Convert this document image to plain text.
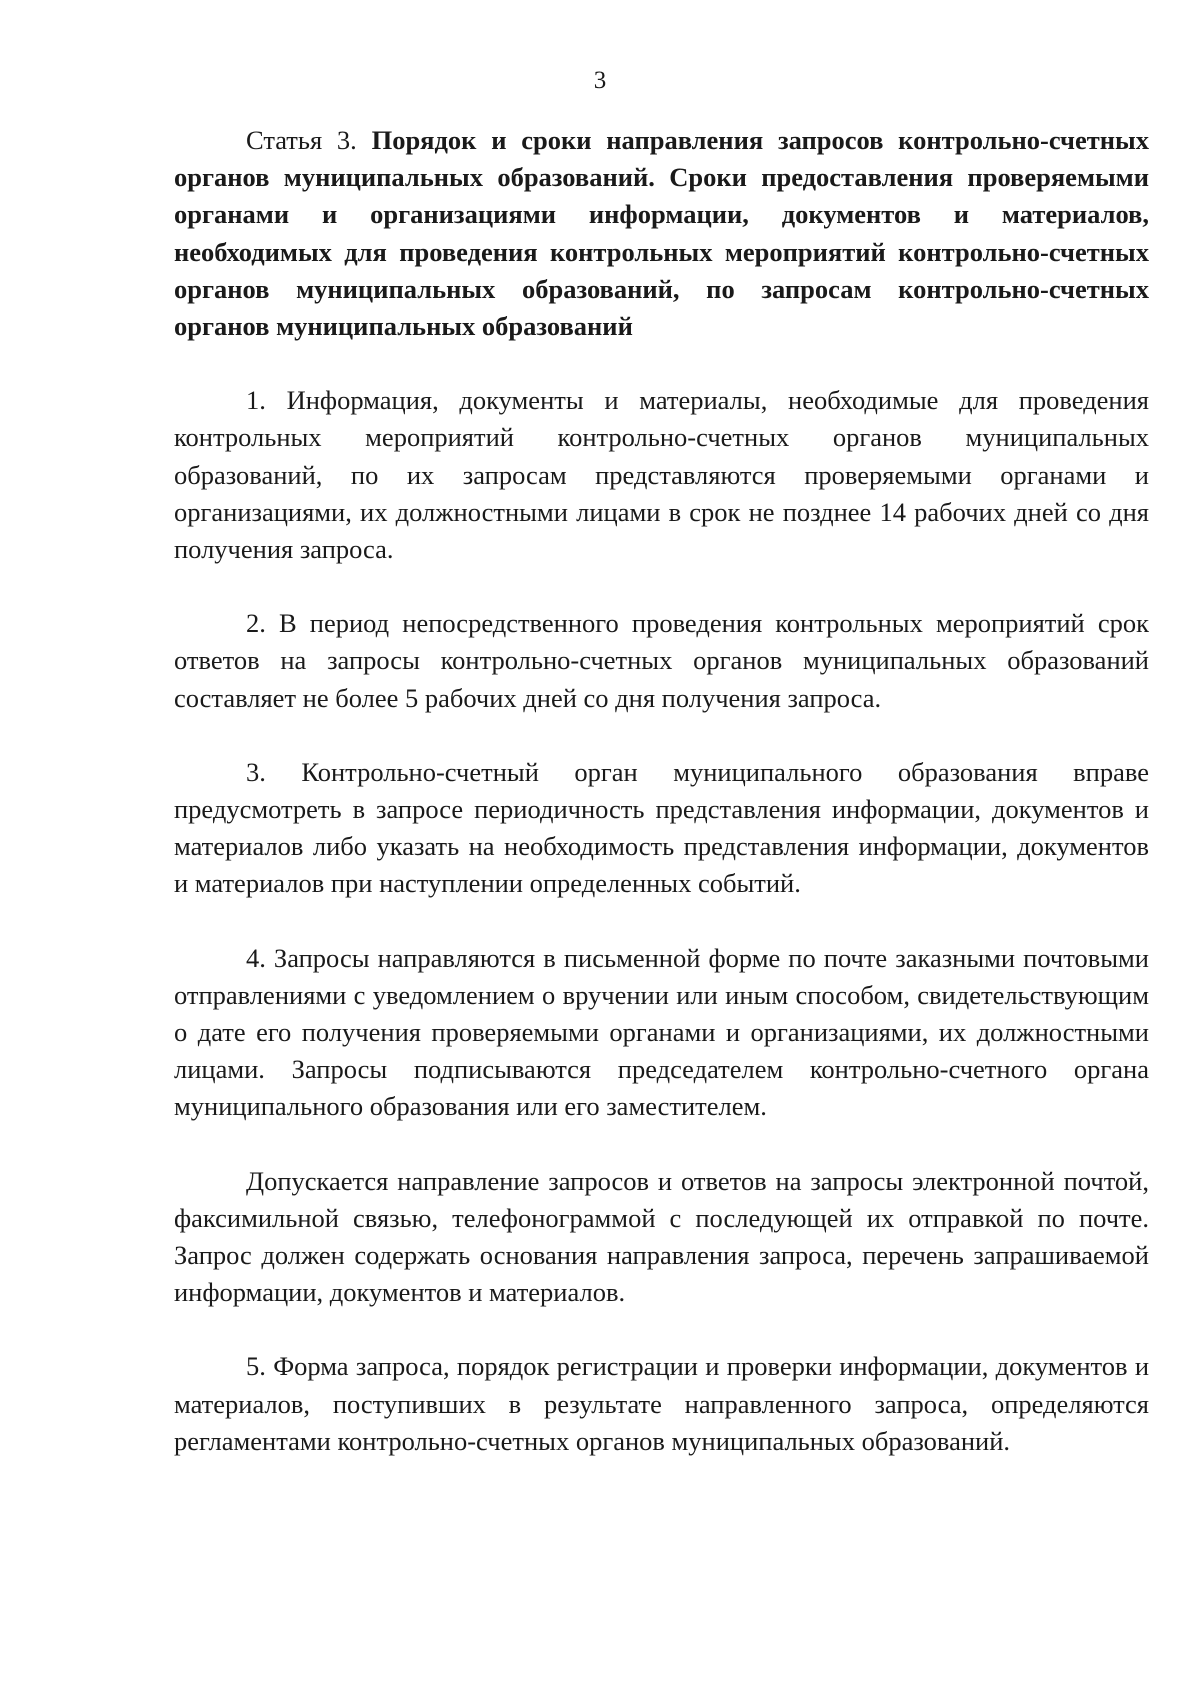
3

Статья 3. Порядок и сроки направления запросов контрольно-счетных органов муниципальных образований. Сроки предоставления проверяемыми органами и организациями информации, документов и материалов, необходимых для проведения контрольных мероприятий контрольно-счетных органов муниципальных образований, по запросам контрольно-счетных органов муниципальных образований

1. Информация, документы и материалы, необходимые для проведения контрольных мероприятий контрольно-счетных органов муниципальных образований, по их запросам представляются проверяемыми органами и организациями, их должностными лицами в срок не позднее 14 рабочих дней со дня получения запроса.

2. В период непосредственного проведения контрольных мероприятий срок ответов на запросы контрольно-счетных органов муниципальных образований составляет не более 5 рабочих дней со дня получения запроса.

3. Контрольно-счетный орган муниципального образования вправе предусмотреть в запросе периодичность представления информации, документов и материалов либо указать на необходимость представления информации, документов и материалов при наступлении определенных событий.

4. Запросы направляются в письменной форме по почте заказными почтовыми отправлениями с уведомлением о вручении или иным способом, свидетельствующим о дате его получения проверяемыми органами и организациями, их должностными лицами. Запросы подписываются председателем контрольно-счетного органа муниципального образования или его заместителем.

Допускается направление запросов и ответов на запросы электронной почтой, факсимильной связью, телефонограммой с последующей их отправкой по почте. Запрос должен содержать основания направления запроса, перечень запрашиваемой информации, документов и материалов.

5. Форма запроса, порядок регистрации и проверки информации, документов и материалов, поступивших в результате направленного запроса, определяются регламентами контрольно-счетных органов муниципальных образований.
